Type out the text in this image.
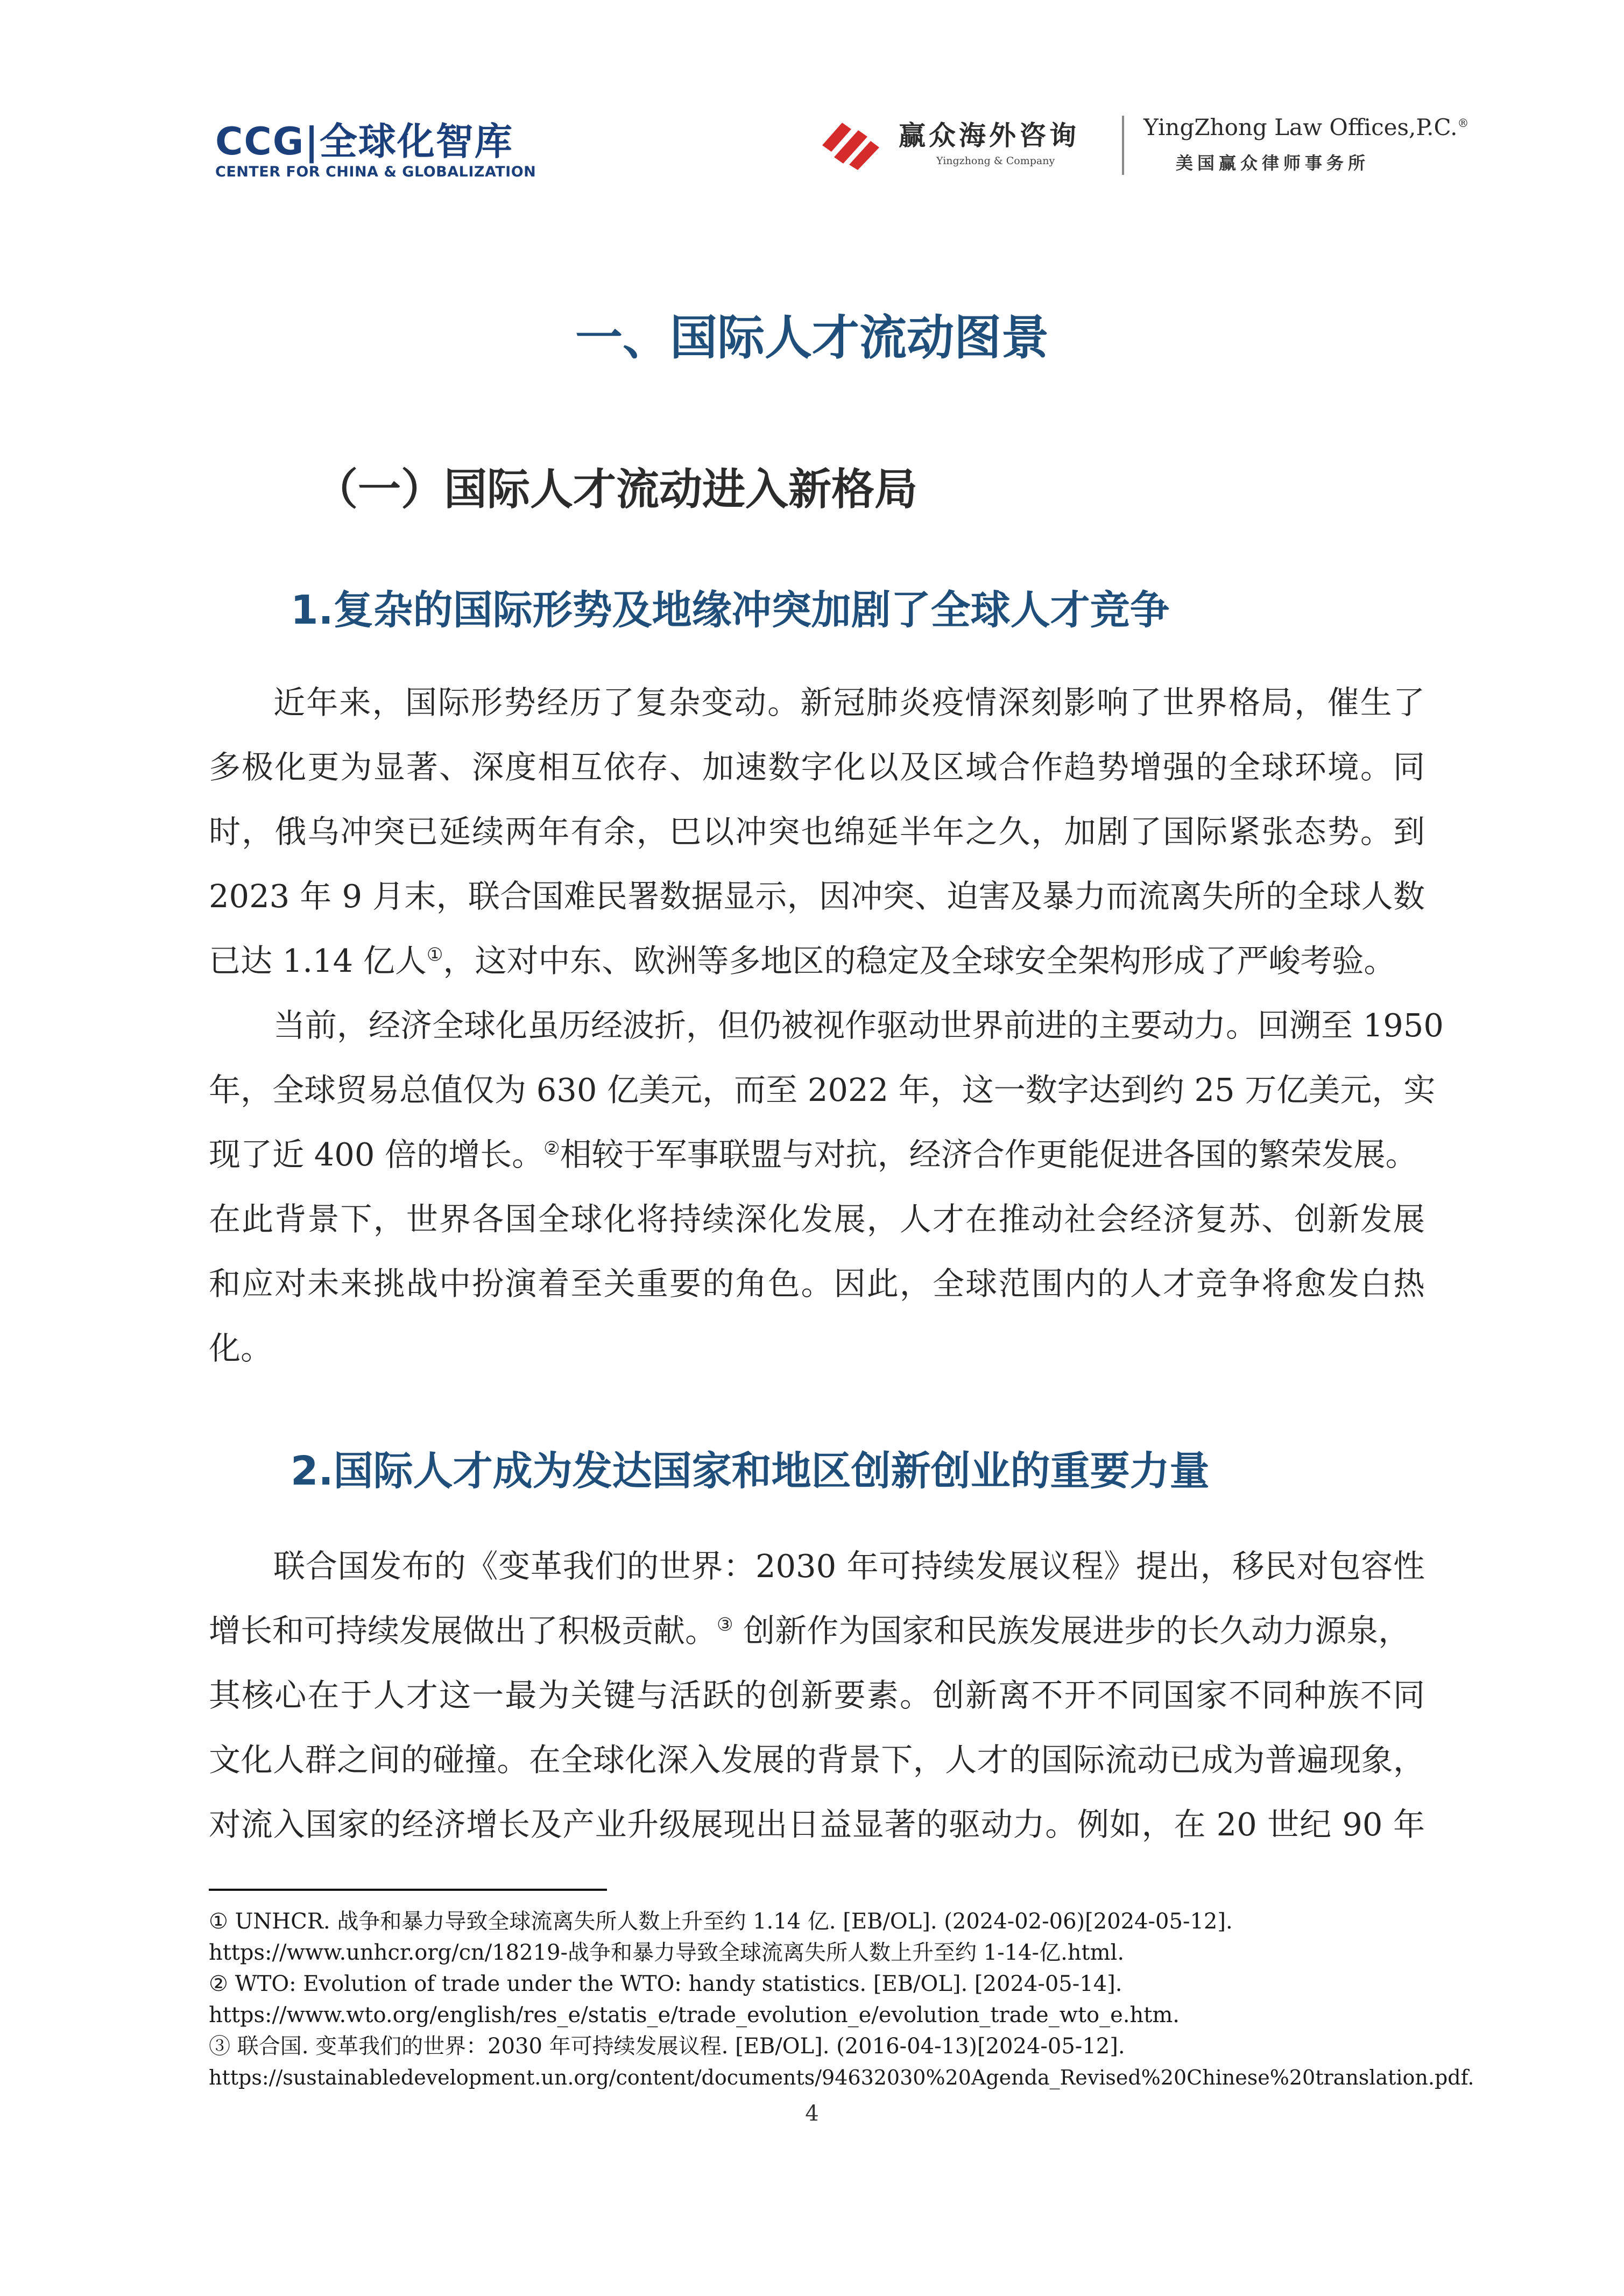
CCG|全球化智库
CENTER FOR CHINA & GLOBALIZATION
赢众海外咨询
Yingzhong & Company
YingZhong Law Offices,P.C.®
美国赢众律师事务所
一、国际人才流动图景
（一）国际人才流动进入新格局
1.复杂的国际形势及地缘冲突加剧了全球人才竞争
近年来，国际形势经历了复杂变动。新冠肺炎疫情深刻影响了世界格局，催生了
多极化更为显著、深度相互依存、加速数字化以及区域合作趋势增强的全球环境。同
时，俄乌冲突已延续两年有余，巴以冲突也绵延半年之久，加剧了国际紧张态势。到
2023 年 9 月末，联合国难民署数据显示，因冲突、迫害及暴力而流离失所的全球人数
已达 1.14 亿人①，这对中东、欧洲等多地区的稳定及全球安全架构形成了严峻考验。
当前，经济全球化虽历经波折，但仍被视作驱动世界前进的主要动力。回溯至 1950
年，全球贸易总值仅为 630 亿美元，而至 2022 年，这一数字达到约 25 万亿美元，实
现了近 400 倍的增长。②相较于军事联盟与对抗，经济合作更能促进各国的繁荣发展。
在此背景下，世界各国全球化将持续深化发展，人才在推动社会经济复苏、创新发展
和应对未来挑战中扮演着至关重要的角色。因此，全球范围内的人才竞争将愈发白热
化。
2.国际人才成为发达国家和地区创新创业的重要力量
联合国发布的《变革我们的世界：2030 年可持续发展议程》提出，移民对包容性
增长和可持续发展做出了积极贡献。③ 创新作为国家和民族发展进步的长久动力源泉，
其核心在于人才这一最为关键与活跃的创新要素。创新离不开不同国家不同种族不同
文化人群之间的碰撞。在全球化深入发展的背景下，人才的国际流动已成为普遍现象，
对流入国家的经济增长及产业升级展现出日益显著的驱动力。例如，在 20 世纪 90 年
① UNHCR. 战争和暴力导致全球流离失所人数上升至约 1.14 亿. [EB/OL]. (2024-02-06)[2024-05-12].
https://www.unhcr.org/cn/18219-战争和暴力导致全球流离失所人数上升至约 1-14-亿.html.
② WTO: Evolution of trade under the WTO: handy statistics. [EB/OL]. [2024-05-14].
https://www.wto.org/english/res_e/statis_e/trade_evolution_e/evolution_trade_wto_e.htm.
③ 联合国. 变革我们的世界：2030 年可持续发展议程. [EB/OL]. (2016-04-13)[2024-05-12].
https://sustainabledevelopment.un.org/content/documents/94632030%20Agenda_Revised%20Chinese%20translation.pdf.
4
